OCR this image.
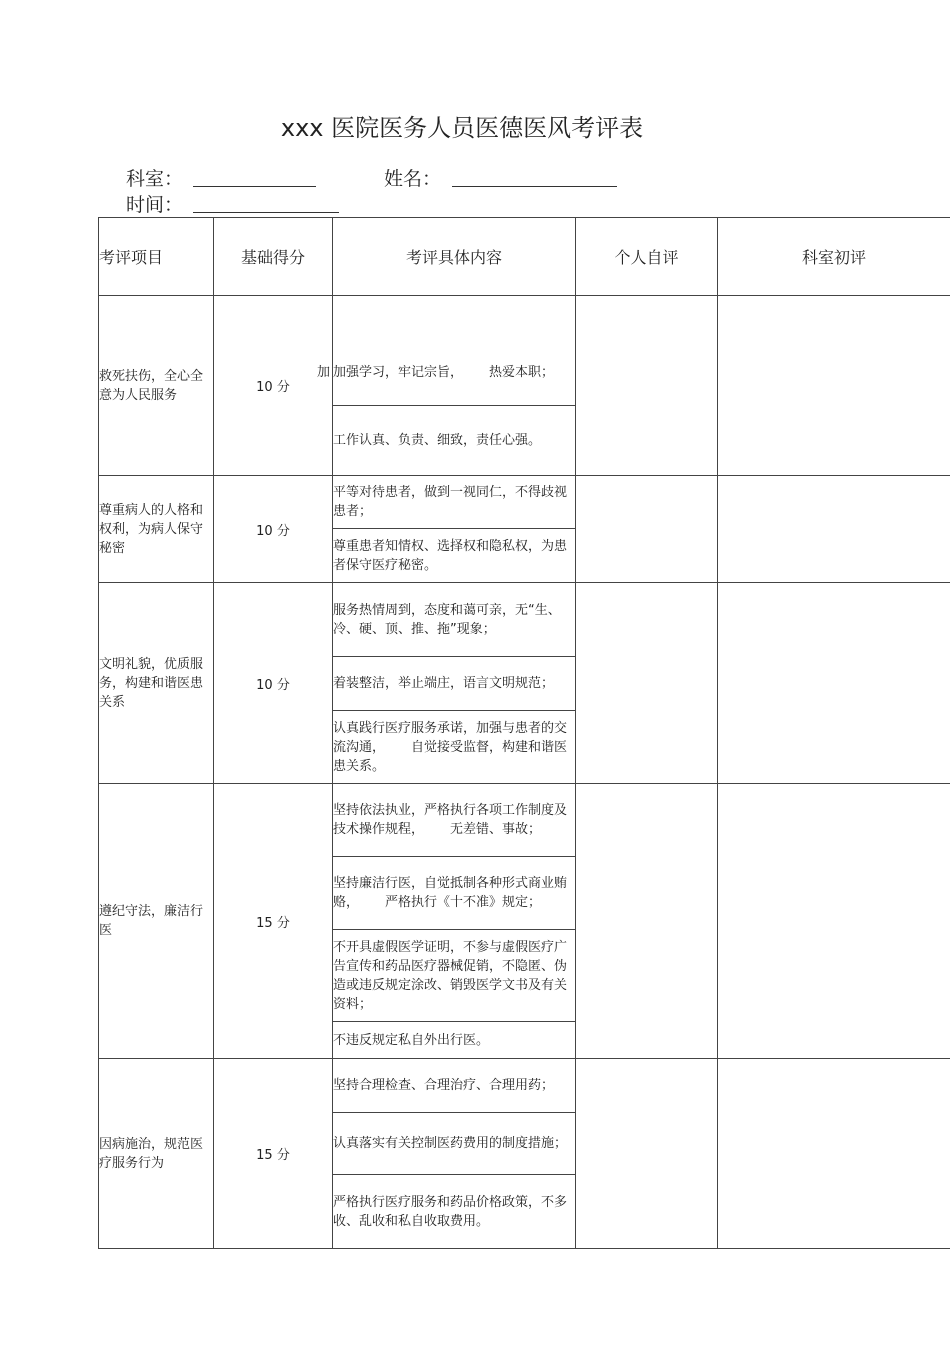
xxx 医院医务人员医德医风考评表
科室：	姓名：
时间：
考评项目	基础得分	考评具体内容	个人自评	科室初评
救死扶伤，全心全意为人民服务	10 分	加 加强学习，牢记宗旨， 热爱本职；		

		工作认真、负责、细致，责任心强。		
尊重病人的人格和权利，为病人保守秘密	10 分	平等对待患者，做到一视同仁，不得歧视患者；		
		尊重患者知情权、选择权和隐私权，为患者保守医疗秘密。		
文明礼貌，优质服务，构建和谐医患关系	10 分	服务热情周到，态度和蔼可亲，无“生、冷、硬、顶、推、拖”现象；		
		着装整洁，举止端庄，语言文明规范；		
		认真践行医疗服务承诺，加强与患者的交流沟通， 自觉接受监督，构建和谐医患关系。		
遵纪守法，廉洁行医	15 分	坚持依法执业，严格执行各项工作制度及技术操作规程， 无差错、事故；		
		坚持廉洁行医，自觉抵制各种形式商业贿赂， 严格执行《十不准》规定；		
		不开具虚假医学证明，不参与虚假医疗广告宣传和药品医疗器械促销，不隐匿、伪造或违反规定涂改、销毁医学文书及有关资料；		
		不违反规定私自外出行医。		
因病施治，规范医疗服务行为	15 分	坚持合理检查、合理治疗、合理用药；		
		认真落实有关控制医药费用的制度措施；		
		严格执行医疗服务和药品价格政策，不多收、乱收和私自收取费用。		
